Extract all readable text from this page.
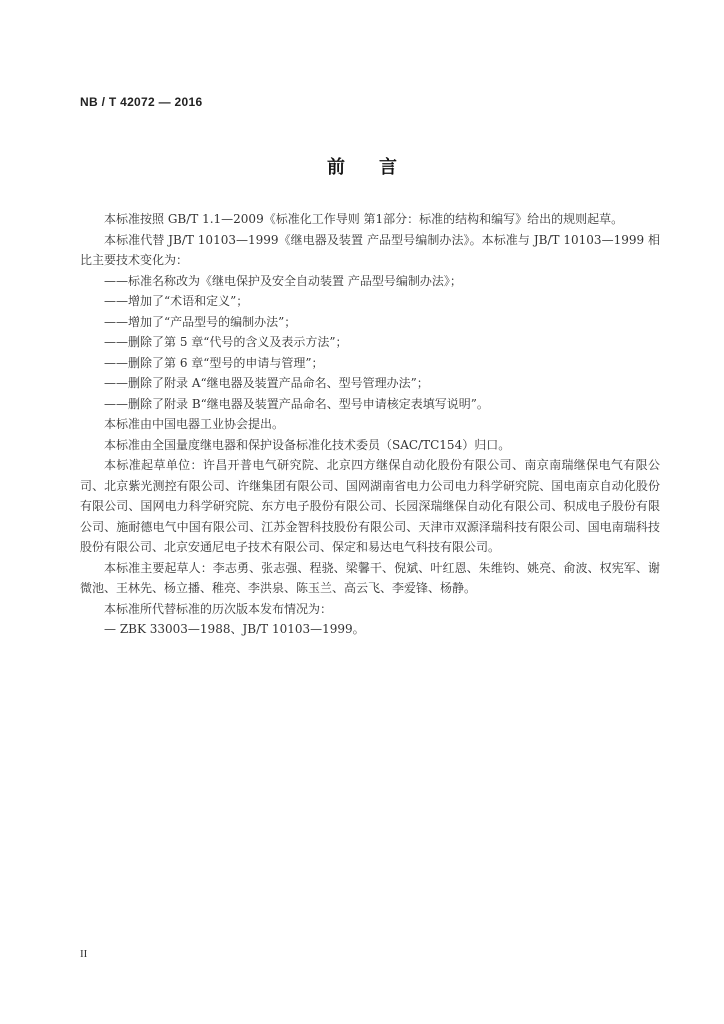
NB / T 42072 — 2016
前言

本标准按照 GB/T 1.1—2009《标准化工作导则 第1部分：标准的结构和编写》给出的规则起草。

本标准代替 JB/T 10103—1999《继电器及装置 产品型号编制办法》。本标准与 JB/T 10103—1999 相比主要技术变化为：

——标准名称改为《继电保护及安全自动装置 产品型号编制办法》；

——增加了“术语和定义”；

——增加了“产品型号的编制办法”；

——删除了第 5 章“代号的含义及表示方法”；

——删除了第 6 章“型号的申请与管理”；

——删除了附录 A“继电器及装置产品命名、型号管理办法”；

——删除了附录 B“继电器及装置产品命名、型号申请核定表填写说明”。

本标准由中国电器工业协会提出。

本标准由全国量度继电器和保护设备标准化技术委员（SAC/TC154）归口。

本标准起草单位：许昌开普电气研究院、北京四方继保自动化股份有限公司、南京南瑞继保电气有限公司、北京紫光测控有限公司、许继集团有限公司、国网湖南省电力公司电力科学研究院、国电南京自动化股份有限公司、国网电力科学研究院、东方电子股份有限公司、长园深瑞继保自动化有限公司、积成电子股份有限公司、施耐德电气中国有限公司、江苏金智科技股份有限公司、天津市双源泽瑞科技有限公司、国电南瑞科技股份有限公司、北京安通尼电子技术有限公司、保定和易达电气科技有限公司。

本标准主要起草人：李志勇、张志强、程骁、梁馨干、倪斌、叶红恩、朱维钧、姚亮、俞波、权宪军、谢微池、王林先、杨立播、稚亮、李洪泉、陈玉兰、高云飞、李爱锋、杨静。

本标准所代替标准的历次版本发布情况为：

— ZBK 33003—1988、JB/T 10103—1999。

II
